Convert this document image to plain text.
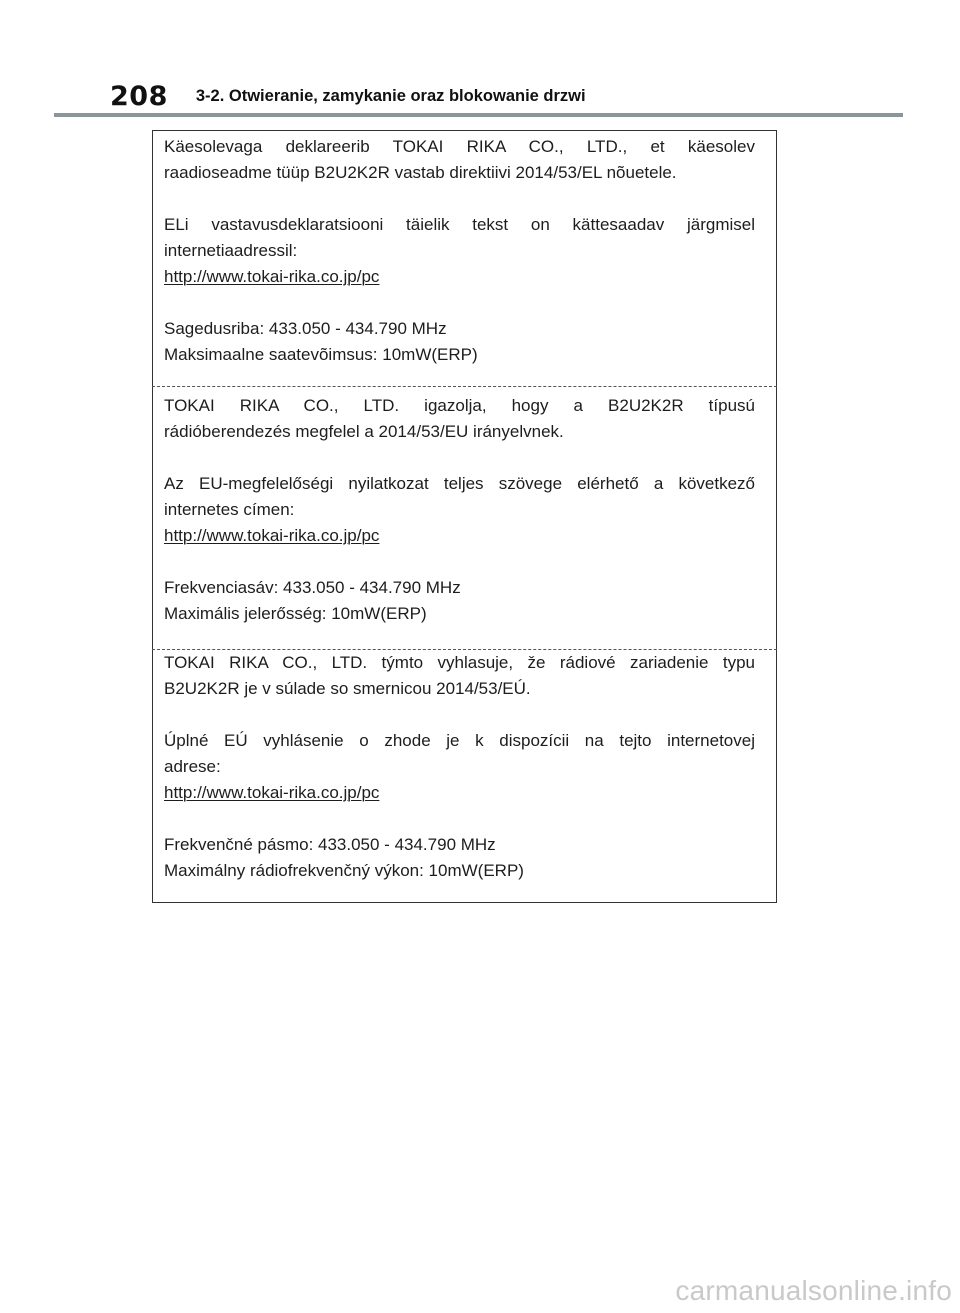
208 3-2. Otwieranie, zamykanie oraz blokowanie drzwi

Käesolevaga deklareerib TOKAI RIKA CO., LTD., et käesolev

raadioseadme tüüp B2U2K2R vastab direktiivi 2014/53/EL nõuetele.

ELi vastavusdeklaratsiooni täielik tekst on kättesaadav järgmisel

internetiaadressil:

http://www.tokai-rika.co.jp/pc

Sagedusriba: 433.050 - 434.790 MHz

Maksimaalne saatevõimsus: 10mW(ERP)

TOKAI RIKA CO., LTD. igazolja, hogy a B2U2K2R típusú

rádióberendezés megfelel a 2014/53/EU irányelvnek.

Az EU-megfelelőségi nyilatkozat teljes szövege elérhető a következő

internetes címen:

http://www.tokai-rika.co.jp/pc

Frekvenciasáv: 433.050 - 434.790 MHz

Maximális jelerősség: 10mW(ERP)

TOKAI RIKA CO., LTD. týmto vyhlasuje, že rádiové zariadenie typu

B2U2K2R je v súlade so smernicou 2014/53/EÚ.

Úplné EÚ vyhlásenie o zhode je k dispozícii na tejto internetovej

adrese:

http://www.tokai-rika.co.jp/pc

Frekvenčné pásmo: 433.050 - 434.790 MHz

Maximálny rádiofrekvenčný výkon: 10mW(ERP)

carmanualsonline.info
